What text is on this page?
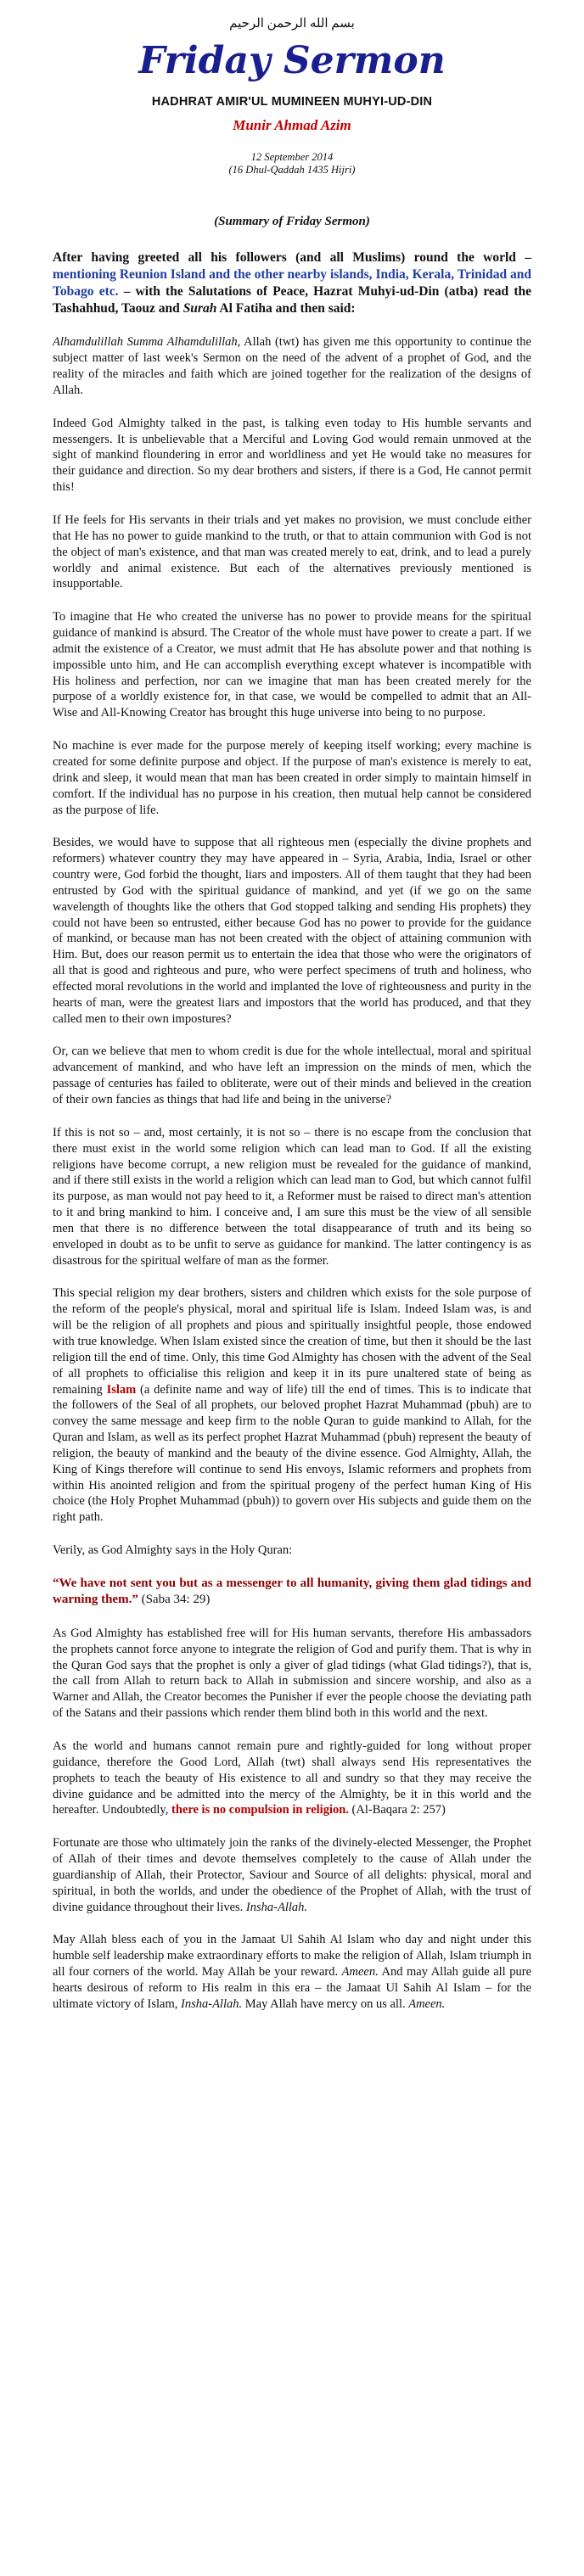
بسم الله الرحمن الرحيم
Friday Sermon
HADHRAT AMIR'UL MUMINEEN MUHYI-UD-DIN
Munir Ahmad Azim
12 September 2014
(16 Dhul-Qaddah 1435 Hijri)
(Summary of Friday Sermon)

After having greeted all his followers (and all Muslims) round the world – mentioning Reunion Island and the other nearby islands, India, Kerala, Trinidad and Tobago etc. – with the Salutations of Peace, Hazrat Muhyi-ud-Din (atba) read the Tashahhud, Taouz and Surah Al Fatiha and then said:

Alhamdulillah Summa Alhamdulillah, Allah (twt) has given me this opportunity to continue the subject matter of last week's Sermon on the need of the advent of a prophet of God, and the reality of the miracles and faith which are joined together for the realization of the designs of Allah.

Indeed God Almighty talked in the past, is talking even today to His humble servants and messengers. It is unbelievable that a Merciful and Loving God would remain unmoved at the sight of mankind floundering in error and worldliness and yet He would take no measures for their guidance and direction. So my dear brothers and sisters, if there is a God, He cannot permit this!

If He feels for His servants in their trials and yet makes no provision, we must conclude either that He has no power to guide mankind to the truth, or that to attain communion with God is not the object of man's existence, and that man was created merely to eat, drink, and to lead a purely worldly and animal existence. But each of the alternatives previously mentioned is insupportable.

To imagine that He who created the universe has no power to provide means for the spiritual guidance of mankind is absurd. The Creator of the whole must have power to create a part. If we admit the existence of a Creator, we must admit that He has absolute power and that nothing is impossible unto him, and He can accomplish everything except whatever is incompatible with His holiness and perfection, nor can we imagine that man has been created merely for the purpose of a worldly existence for, in that case, we would be compelled to admit that an All-Wise and All-Knowing Creator has brought this huge universe into being to no purpose.

No machine is ever made for the purpose merely of keeping itself working; every machine is created for some definite purpose and object. If the purpose of man's existence is merely to eat, drink and sleep, it would mean that man has been created in order simply to maintain himself in comfort. If the individual has no purpose in his creation, then mutual help cannot be considered as the purpose of life.

Besides, we would have to suppose that all righteous men (especially the divine prophets and reformers) whatever country they may have appeared in – Syria, Arabia, India, Israel or other country were, God forbid the thought, liars and imposters. All of them taught that they had been entrusted by God with the spiritual guidance of mankind, and yet (if we go on the same wavelength of thoughts like the others that God stopped talking and sending His prophets) they could not have been so entrusted, either because God has no power to provide for the guidance of mankind, or because man has not been created with the object of attaining communion with Him. But, does our reason permit us to entertain the idea that those who were the originators of all that is good and righteous and pure, who were perfect specimens of truth and holiness, who effected moral revolutions in the world and implanted the love of righteousness and purity in the hearts of man, were the greatest liars and impostors that the world has produced, and that they called men to their own impostures?

Or, can we believe that men to whom credit is due for the whole intellectual, moral and spiritual advancement of mankind, and who have left an impression on the minds of men, which the passage of centuries has failed to obliterate, were out of their minds and believed in the creation of their own fancies as things that had life and being in the universe?

If this is not so – and, most certainly, it is not so – there is no escape from the conclusion that there must exist in the world some religion which can lead man to God. If all the existing religions have become corrupt, a new religion must be revealed for the guidance of mankind, and if there still exists in the world a religion which can lead man to God, but which cannot fulfil its purpose, as man would not pay heed to it, a Reformer must be raised to direct man's attention to it and bring mankind to him. I conceive and, I am sure this must be the view of all sensible men that there is no difference between the total disappearance of truth and its being so enveloped in doubt as to be unfit to serve as guidance for mankind. The latter contingency is as disastrous for the spiritual welfare of man as the former.

This special religion my dear brothers, sisters and children which exists for the sole purpose of the reform of the people's physical, moral and spiritual life is Islam. Indeed Islam was, is and will be the religion of all prophets and pious and spiritually insightful people, those endowed with true knowledge. When Islam existed since the creation of time, but then it should be the last religion till the end of time. Only, this time God Almighty has chosen with the advent of the Seal of all prophets to officialise this religion and keep it in its pure unaltered state of being as remaining Islam (a definite name and way of life) till the end of times. This is to indicate that the followers of the Seal of all prophets, our beloved prophet Hazrat Muhammad (pbuh) are to convey the same message and keep firm to the noble Quran to guide mankind to Allah, for the Quran and Islam, as well as its perfect prophet Hazrat Muhammad (pbuh) represent the beauty of religion, the beauty of mankind and the beauty of the divine essence. God Almighty, Allah, the King of Kings therefore will continue to send His envoys, Islamic reformers and prophets from within His anointed religion and from the spiritual progeny of the perfect human King of His choice (the Holy Prophet Muhammad (pbuh)) to govern over His subjects and guide them on the right path.

Verily, as God Almighty says in the Holy Quran:

“We have not sent you but as a messenger to all humanity, giving them glad tidings and warning them.” (Saba 34: 29)

As God Almighty has established free will for His human servants, therefore His ambassadors the prophets cannot force anyone to integrate the religion of God and purify them. That is why in the Quran God says that the prophet is only a giver of glad tidings (what Glad tidings?), that is, the call from Allah to return back to Allah in submission and sincere worship, and also as a Warner and Allah, the Creator becomes the Punisher if ever the people choose the deviating path of the Satans and their passions which render them blind both in this world and the next.

As the world and humans cannot remain pure and rightly-guided for long without proper guidance, therefore the Good Lord, Allah (twt) shall always send His representatives the prophets to teach the beauty of His existence to all and sundry so that they may receive the divine guidance and be admitted into the mercy of the Almighty, be it in this world and the hereafter. Undoubtedly, there is no compulsion in religion. (Al-Baqara 2: 257)

Fortunate are those who ultimately join the ranks of the divinely-elected Messenger, the Prophet of Allah of their times and devote themselves completely to the cause of Allah under the guardianship of Allah, their Protector, Saviour and Source of all delights: physical, moral and spiritual, in both the worlds, and under the obedience of the Prophet of Allah, with the trust of divine guidance throughout their lives. Insha-Allah.

May Allah bless each of you in the Jamaat Ul Sahih Al Islam who day and night under this humble self leadership make extraordinary efforts to make the religion of Allah, Islam triumph in all four corners of the world. May Allah be your reward. Ameen. And may Allah guide all pure hearts desirous of reform to His realm in this era – the Jamaat Ul Sahih Al Islam – for the ultimate victory of Islam, Insha-Allah. May Allah have mercy on us all. Ameen.
